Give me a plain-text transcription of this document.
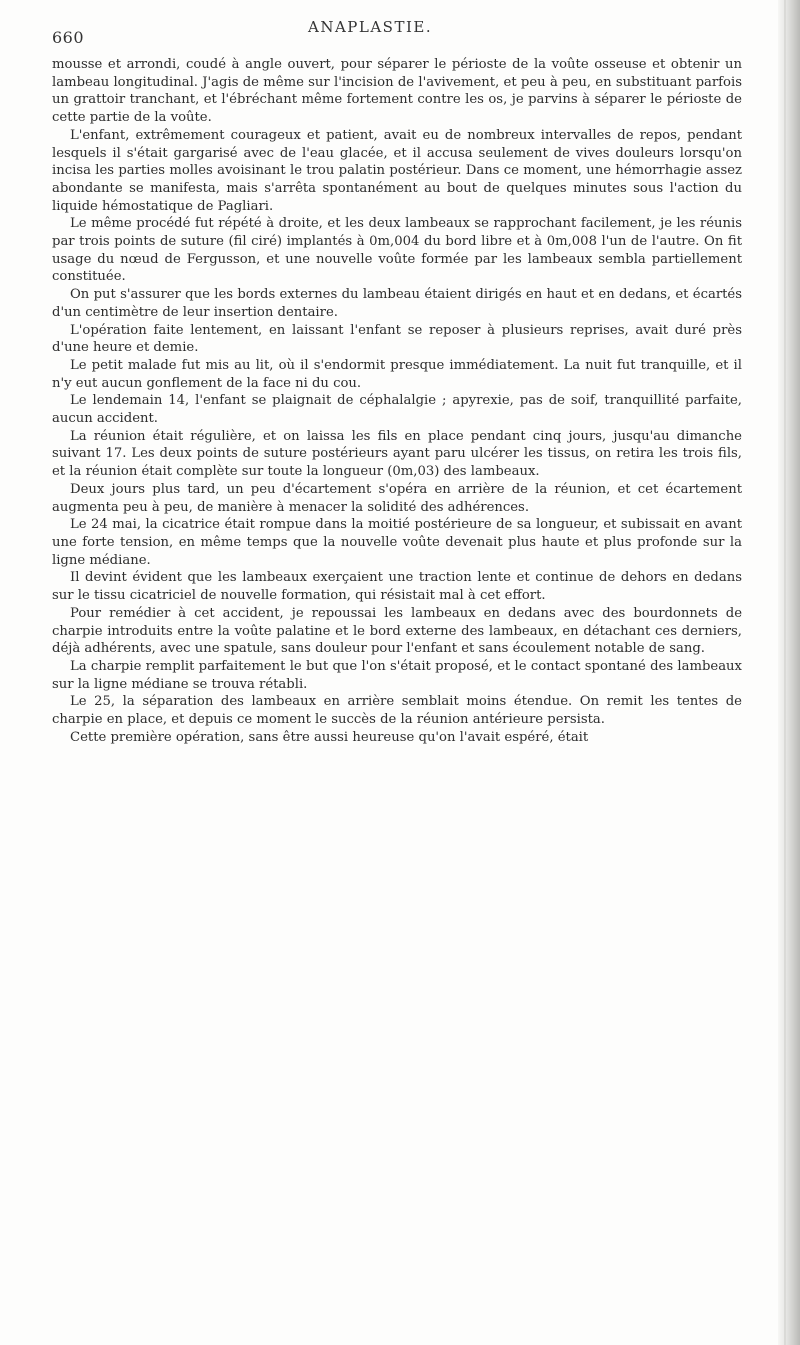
660
ANAPLASTIE.

mousse et arrondi, coudé à angle ouvert, pour séparer le périoste de la voûte osseuse et obtenir un lambeau longitudinal. J'agis de même sur l'incision de l'avivement, et peu à peu, en substituant parfois un grattoir tranchant, et l'ébréchant même fortement contre les os, je parvins à séparer le périoste de cette partie de la voûte.

L'enfant, extrêmement courageux et patient, avait eu de nombreux intervalles de repos, pendant lesquels il s'était gargarisé avec de l'eau glacée, et il accusa seulement de vives douleurs lorsqu'on incisa les parties molles avoisinant le trou palatin postérieur. Dans ce moment, une hémorrhagie assez abondante se manifesta, mais s'arrêta spontanément au bout de quelques minutes sous l'action du liquide hémostatique de Pagliari.

Le même procédé fut répété à droite, et les deux lambeaux se rapprochant facilement, je les réunis par trois points de suture (fil ciré) implantés à 0m,004 du bord libre et à 0m,008 l'un de l'autre. On fit usage du nœud de Fergusson, et une nouvelle voûte formée par les lambeaux sembla partiellement constituée.

On put s'assurer que les bords externes du lambeau étaient dirigés en haut et en dedans, et écartés d'un centimètre de leur insertion dentaire.

L'opération faite lentement, en laissant l'enfant se reposer à plusieurs reprises, avait duré près d'une heure et demie.

Le petit malade fut mis au lit, où il s'endormit presque immédiatement. La nuit fut tranquille, et il n'y eut aucun gonflement de la face ni du cou.

Le lendemain 14, l'enfant se plaignait de céphalalgie ; apyrexie, pas de soif, tranquillité parfaite, aucun accident.

La réunion était régulière, et on laissa les fils en place pendant cinq jours, jusqu'au dimanche suivant 17. Les deux points de suture postérieurs ayant paru ulcérer les tissus, on retira les trois fils, et la réunion était complète sur toute la longueur (0m,03) des lambeaux.

Deux jours plus tard, un peu d'écartement s'opéra en arrière de la réunion, et cet écartement augmenta peu à peu, de manière à menacer la solidité des adhérences.

Le 24 mai, la cicatrice était rompue dans la moitié postérieure de sa longueur, et subissait en avant une forte tension, en même temps que la nouvelle voûte devenait plus haute et plus profonde sur la ligne médiane.

Il devint évident que les lambeaux exerçaient une traction lente et continue de dehors en dedans sur le tissu cicatriciel de nouvelle formation, qui résistait mal à cet effort.

Pour remédier à cet accident, je repoussai les lambeaux en dedans avec des bourdonnets de charpie introduits entre la voûte palatine et le bord externe des lambeaux, en détachant ces derniers, déjà adhérents, avec une spatule, sans douleur pour l'enfant et sans écoulement notable de sang.

La charpie remplit parfaitement le but que l'on s'était proposé, et le contact spontané des lambeaux sur la ligne médiane se trouva rétabli.

Le 25, la séparation des lambeaux en arrière semblait moins étendue. On remit les tentes de charpie en place, et depuis ce moment le succès de la réunion antérieure persista.

Cette première opération, sans être aussi heureuse qu'on l'avait espéré, était
